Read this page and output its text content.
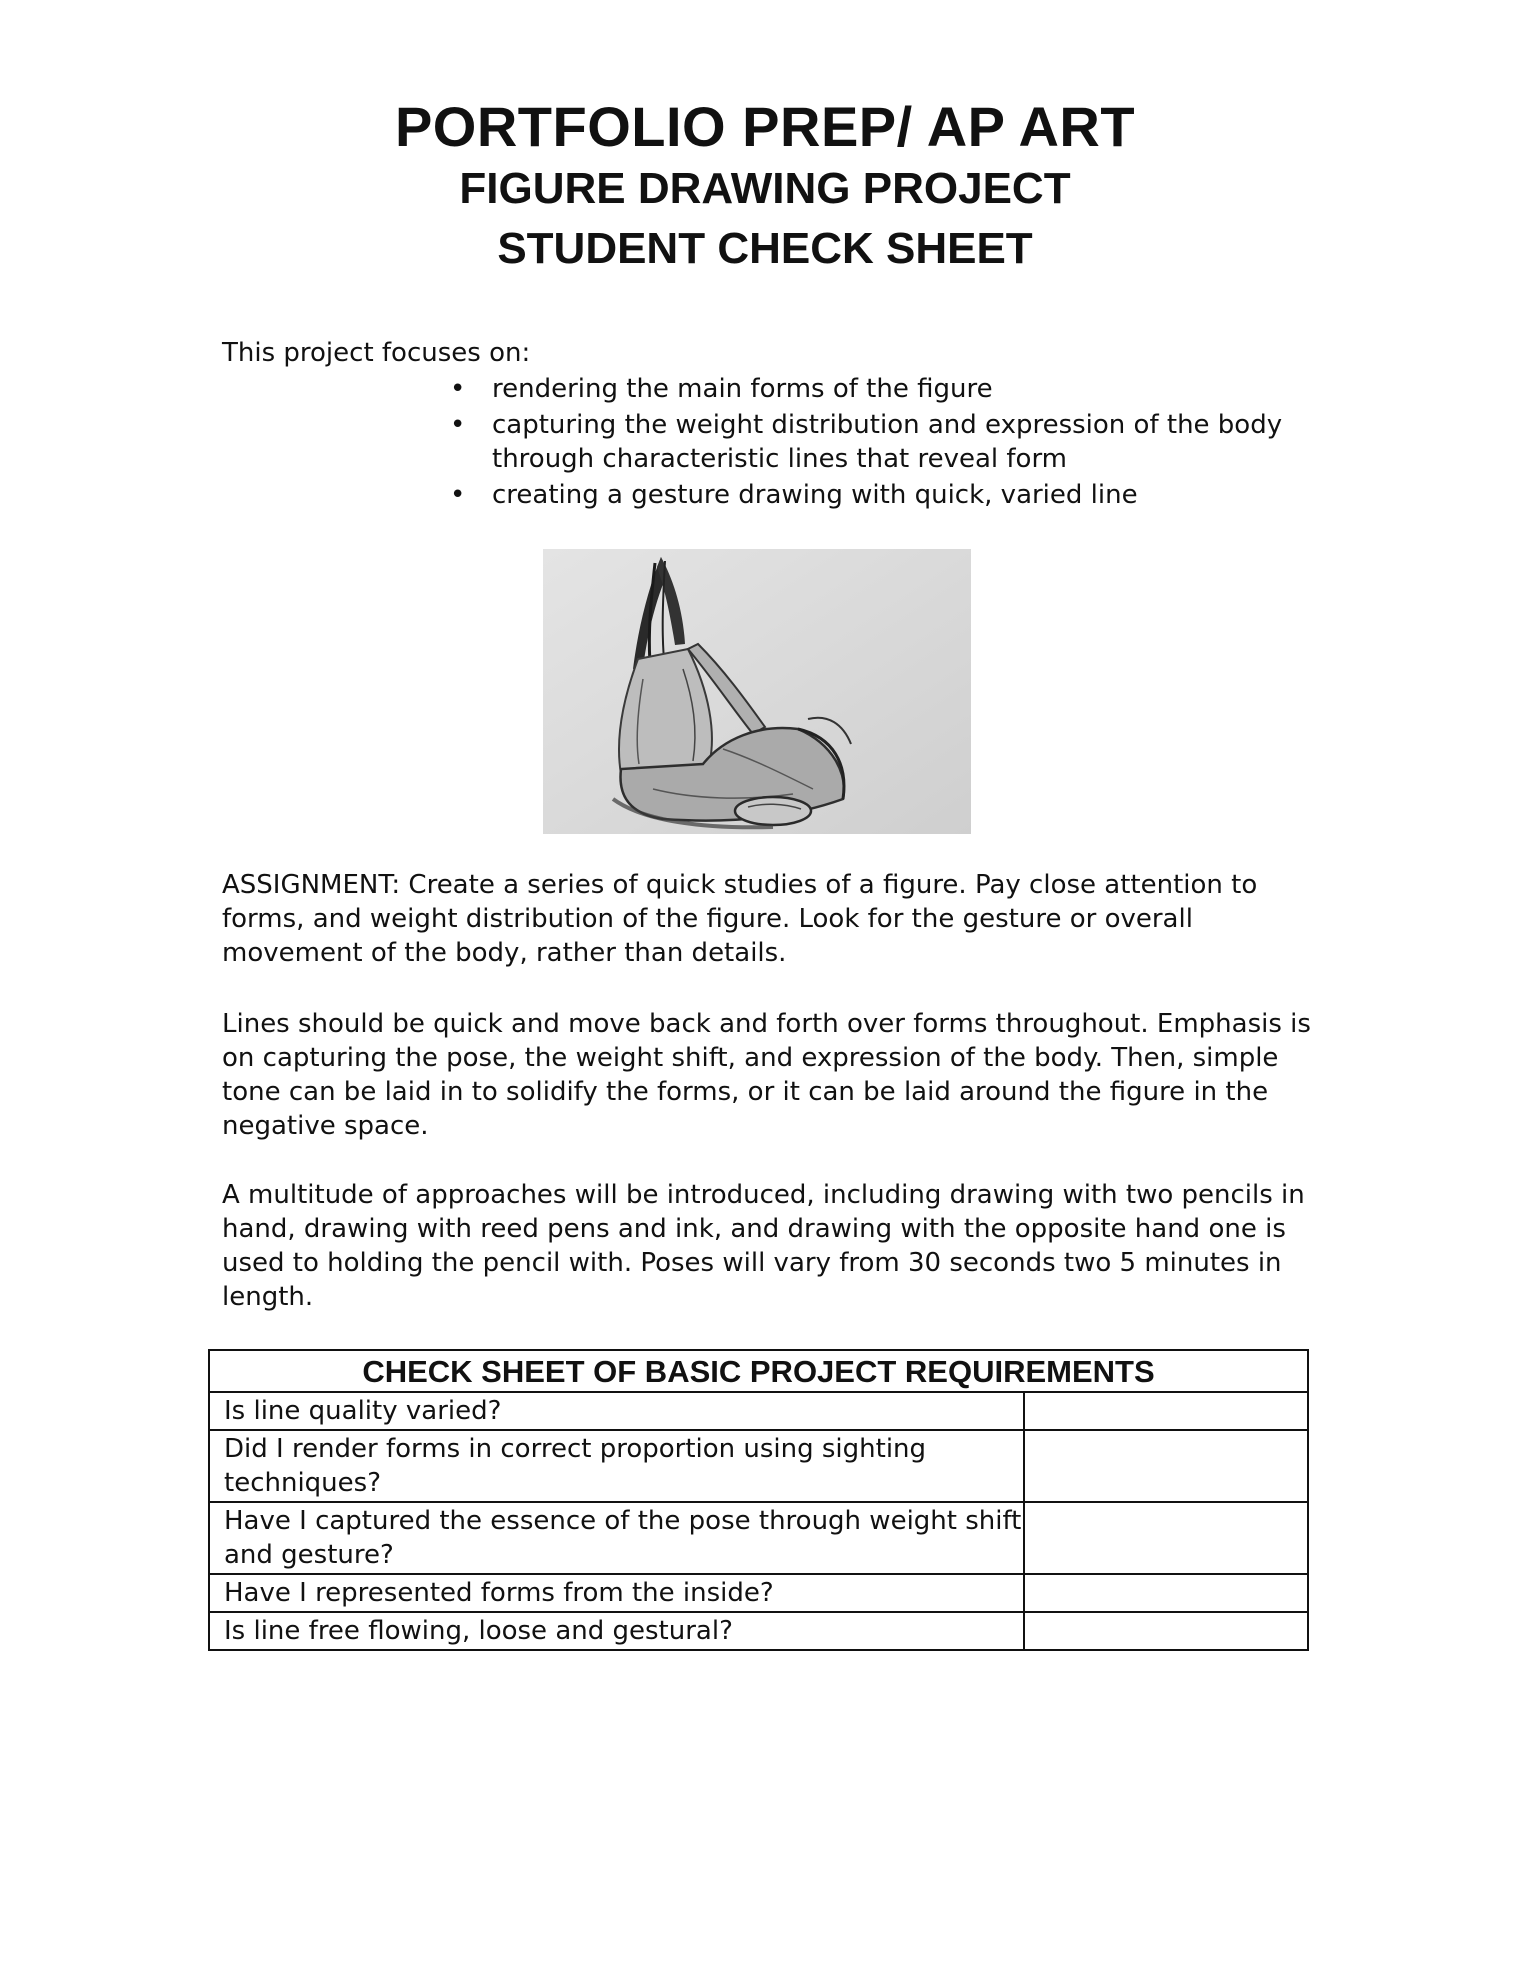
PORTFOLIO PREP/ AP ART
FIGURE DRAWING PROJECT
STUDENT CHECK SHEET
This project focuses on:
• rendering the main forms of the figure
• capturing the weight distribution and expression of the body through characteristic lines that reveal form
• creating a gesture drawing with quick, varied line

ASSIGNMENT: Create a series of quick studies of a figure. Pay close attention to forms, and weight distribution of the figure. Look for the gesture or overall movement of the body, rather than details.

Lines should be quick and move back and forth over forms throughout. Emphasis is on capturing the pose, the weight shift, and expression of the body. Then, simple tone can be laid in to solidify the forms, or it can be laid around the figure in the negative space.

A multitude of approaches will be introduced, including drawing with two pencils in hand, drawing with reed pens and ink, and drawing with the opposite hand one is used to holding the pencil with. Poses will vary from 30 seconds two 5 minutes in length.

CHECK SHEET OF BASIC PROJECT REQUIREMENTS	
Is line quality varied?	
Did I render forms in correct proportion using sighting techniques?	
Have I captured the essence of the pose through weight shift and gesture?	
Have I represented forms from the inside?	
Is line free flowing, loose and gestural?	
